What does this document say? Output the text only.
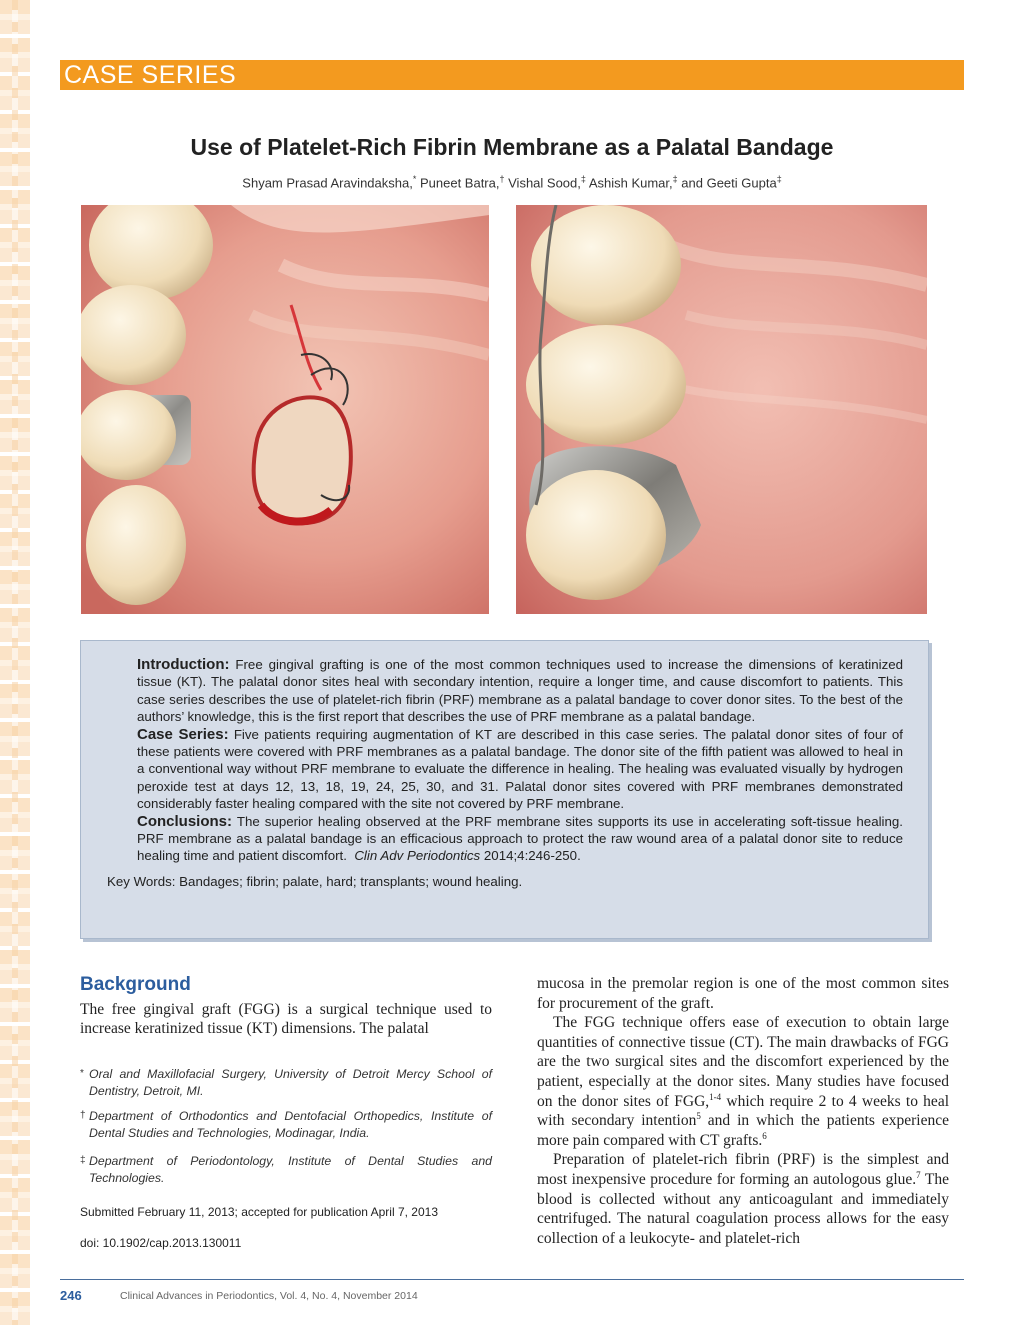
CASE SERIES
Use of Platelet-Rich Fibrin Membrane as a Palatal Bandage
Shyam Prasad Aravindaksha,* Puneet Batra,† Vishal Sood,‡ Ashish Kumar,‡ and Geeti Gupta‡

Introduction: Free gingival grafting is one of the most common techniques used to increase the dimensions of keratinized tissue (KT). The palatal donor sites heal with secondary intention, require a longer time, and cause discomfort to patients. This case series describes the use of platelet-rich fibrin (PRF) membrane as a palatal bandage to cover donor sites. To the best of the authors’ knowledge, this is the first report that describes the use of PRF membrane as a palatal bandage.

Case Series: Five patients requiring augmentation of KT are described in this case series. The palatal donor sites of four of these patients were covered with PRF membranes as a palatal bandage. The donor site of the fifth patient was allowed to heal in a conventional way without PRF membrane to evaluate the difference in healing. The healing was evaluated visually by hydrogen peroxide test at days 12, 13, 18, 19, 24, 25, 30, and 31. Palatal donor sites covered with PRF membranes demonstrated considerably faster healing compared with the site not covered by PRF membrane.

Conclusions: The superior healing observed at the PRF membrane sites supports its use in accelerating soft-tissue healing. PRF membrane as a palatal bandage is an efficacious approach to protect the raw wound area of a palatal donor site to reduce healing time and patient discomfort. Clin Adv Periodontics 2014;4:246-250.

Key Words: Bandages; fibrin; palate, hard; transplants; wound healing.

Background

The free gingival graft (FGG) is a surgical technique used to increase keratinized tissue (KT) dimensions. The palatal

* Oral and Maxillofacial Surgery, University of Detroit Mercy School of Dentistry, Detroit, MI.
† Department of Orthodontics and Dentofacial Orthopedics, Institute of Dental Studies and Technologies, Modinagar, India.
‡ Department of Periodontology, Institute of Dental Studies and Technologies.

Submitted February 11, 2013; accepted for publication April 7, 2013

doi: 10.1902/cap.2013.130011

mucosa in the premolar region is one of the most common sites for procurement of the graft.

The FGG technique offers ease of execution to obtain large quantities of connective tissue (CT). The main drawbacks of FGG are the two surgical sites and the discomfort experienced by the patient, especially at the donor sites. Many studies have focused on the donor sites of FGG,$^{1-4}$ which require 2 to 4 weeks to heal with secondary intention$^5$ and in which the patients experience more pain compared with CT grafts.$^6$

Preparation of platelet-rich fibrin (PRF) is the simplest and most inexpensive procedure for forming an autologous glue.$^7$ The blood is collected without any anticoagulant and immediately centrifuged. The natural coagulation process allows for the easy collection of a leukocyte- and platelet-rich

246	Clinical Advances in Periodontics, Vol. 4, No. 4, November 2014
